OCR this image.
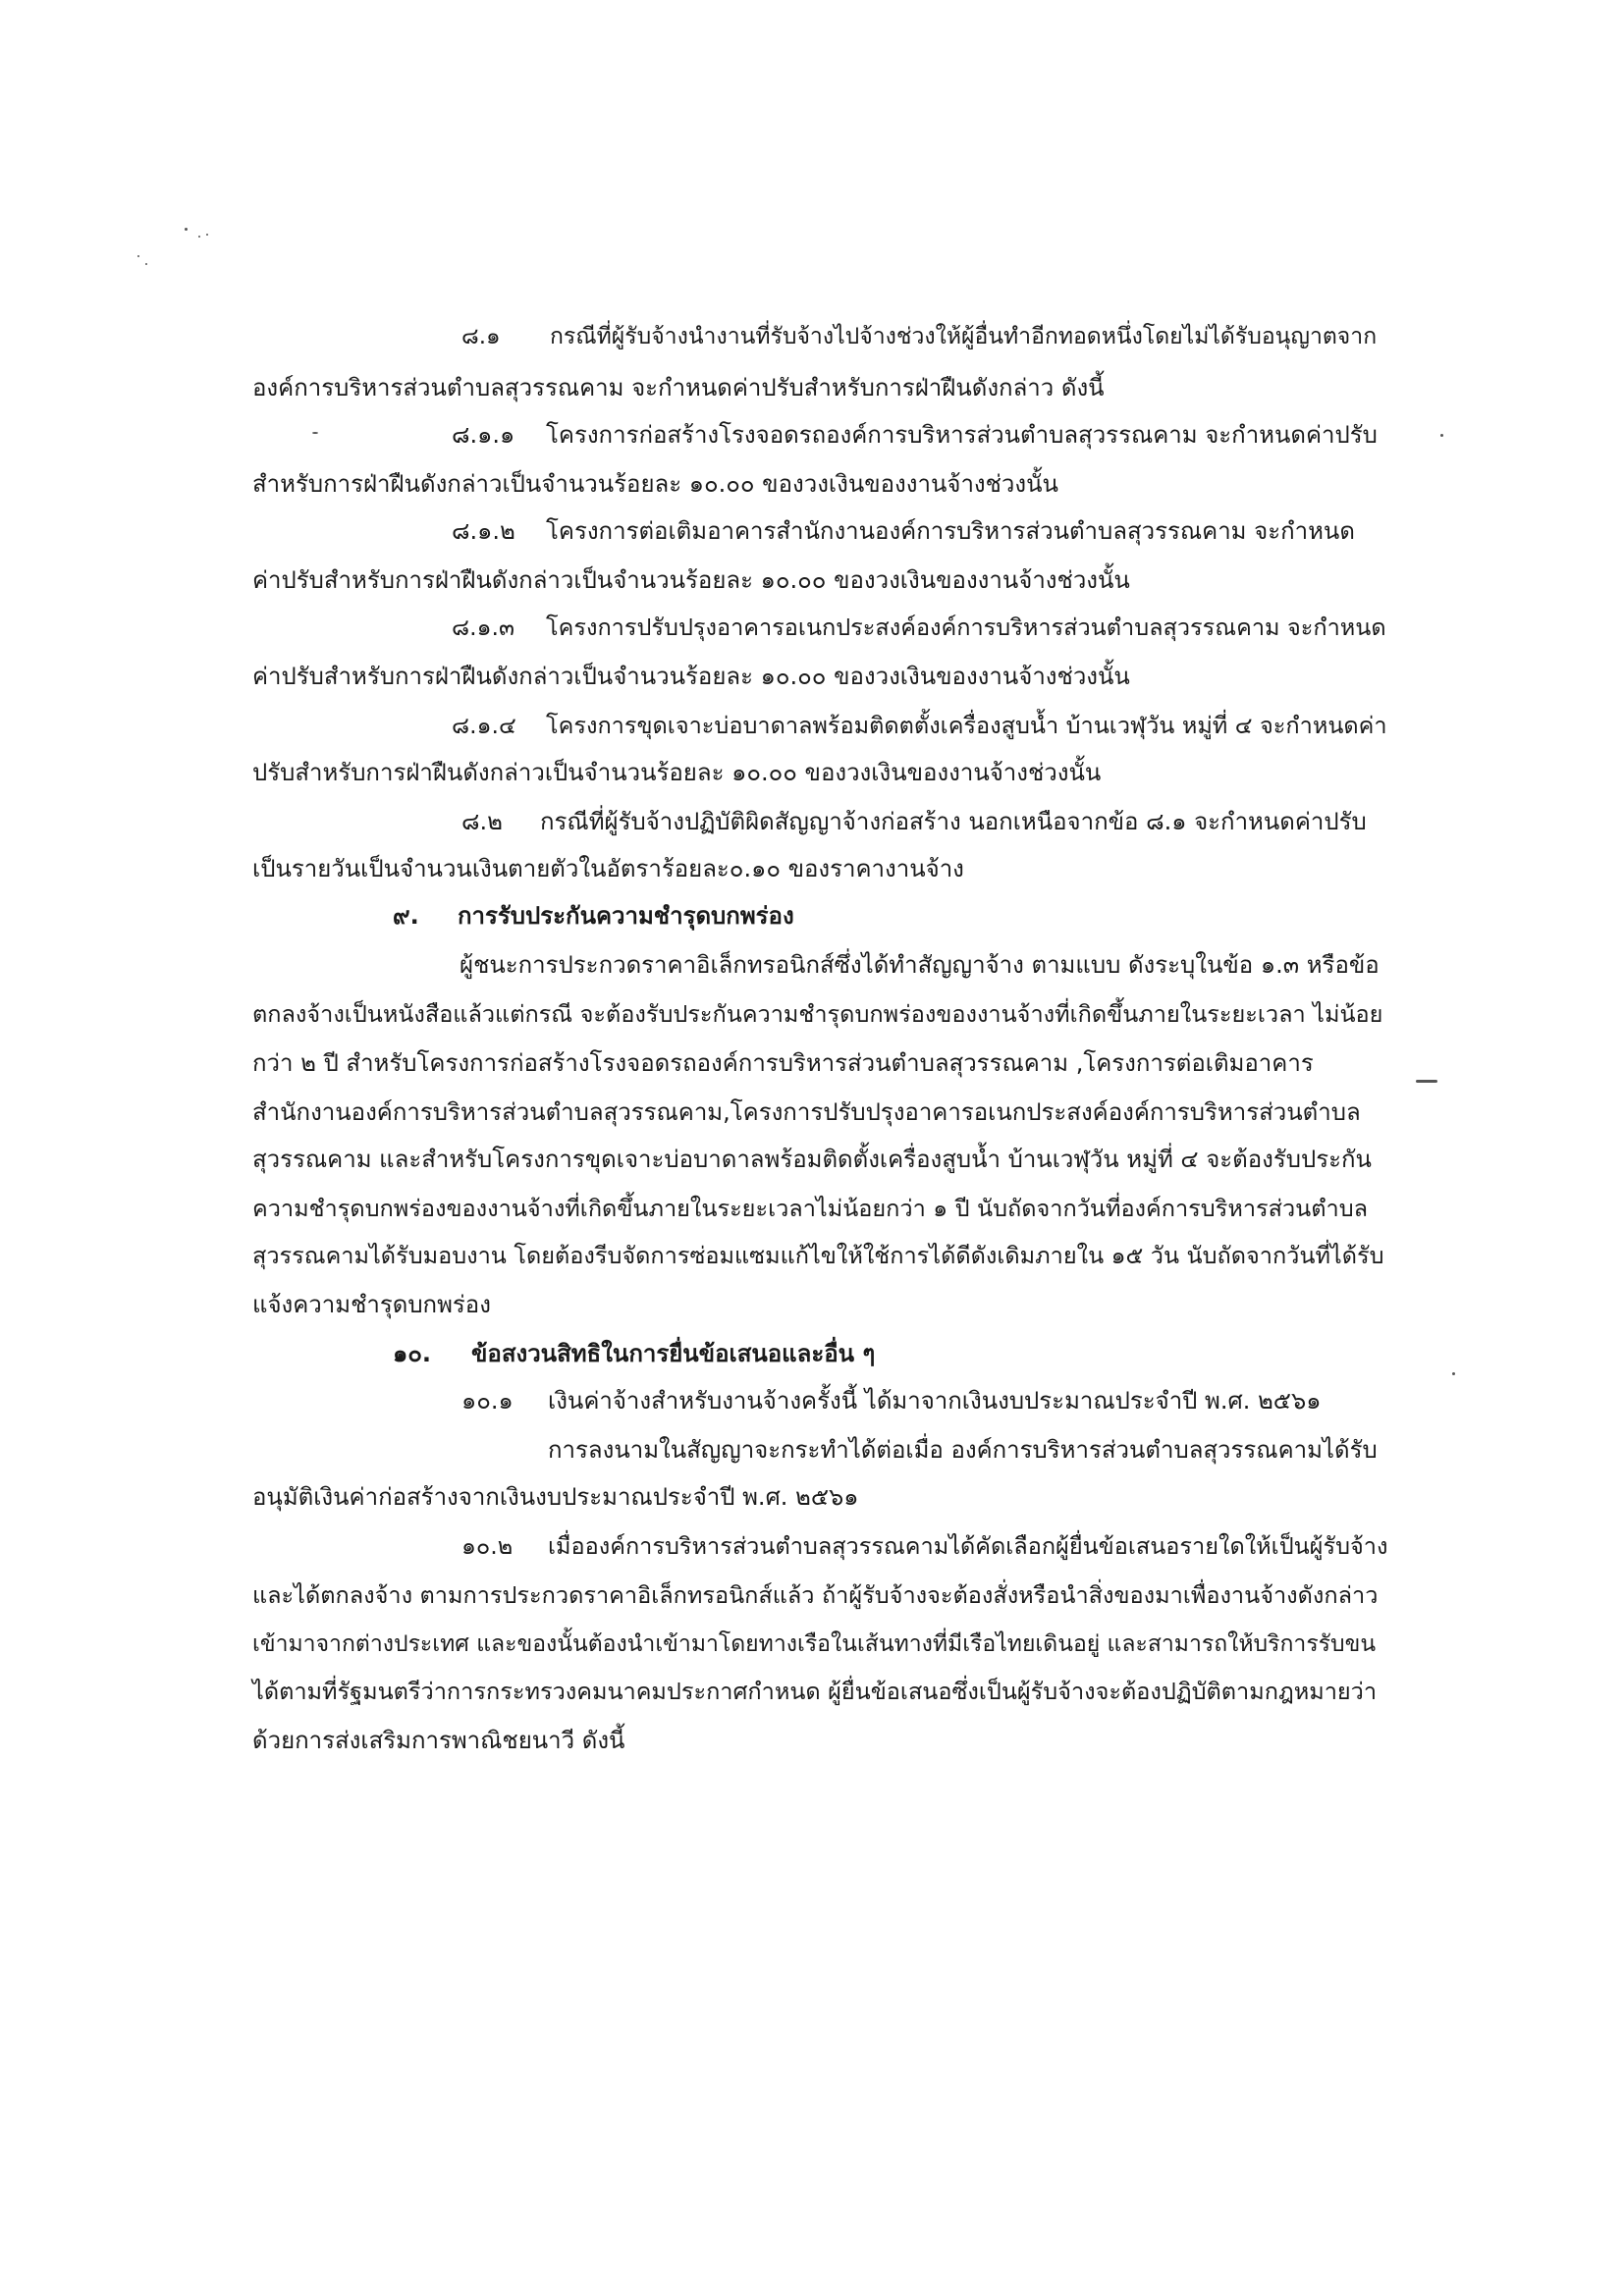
๘.๑ กรณีที่ผู้รับจ้างนำงานที่รับจ้างไปจ้างช่วงให้ผู้อื่นทำอีกทอดหนึ่งโดยไม่ได้รับอนุญาตจาก
องค์การบริหารส่วนตำบลสุวรรณคาม จะกำหนดค่าปรับสำหรับการฝ่าฝืนดังกล่าว ดังนี้
๘.๑.๑ โครงการก่อสร้างโรงจอดรถองค์การบริหารส่วนตำบลสุวรรณคาม จะกำหนดค่าปรับ
สำหรับการฝ่าฝืนดังกล่าวเป็นจำนวนร้อยละ ๑๐.๐๐ ของวงเงินของงานจ้างช่วงนั้น
๘.๑.๒ โครงการต่อเติมอาคารสำนักงานองค์การบริหารส่วนตำบลสุวรรณคาม จะกำหนด
ค่าปรับสำหรับการฝ่าฝืนดังกล่าวเป็นจำนวนร้อยละ ๑๐.๐๐ ของวงเงินของงานจ้างช่วงนั้น
๘.๑.๓ โครงการปรับปรุงอาคารอเนกประสงค์องค์การบริหารส่วนตำบลสุวรรณคาม จะกำหนด
ค่าปรับสำหรับการฝ่าฝืนดังกล่าวเป็นจำนวนร้อยละ ๑๐.๐๐ ของวงเงินของงานจ้างช่วงนั้น
๘.๑.๔ โครงการขุดเจาะบ่อบาดาลพร้อมติดตตั้งเครื่องสูบน้ำ บ้านเวฬุวัน หมู่ที่ ๔ จะกำหนดค่า
ปรับสำหรับการฝ่าฝืนดังกล่าวเป็นจำนวนร้อยละ ๑๐.๐๐ ของวงเงินของงานจ้างช่วงนั้น
๘.๒ กรณีที่ผู้รับจ้างปฏิบัติผิดสัญญาจ้างก่อสร้าง นอกเหนือจากข้อ ๘.๑ จะกำหนดค่าปรับ
เป็นรายวันเป็นจำนวนเงินตายตัวในอัตราร้อยละ๐.๑๐ ของราคางานจ้าง
๙. การรับประกันความชำรุดบกพร่อง
ผู้ชนะการประกวดราคาอิเล็กทรอนิกส์ซึ่งได้ทำสัญญาจ้าง ตามแบบ ดังระบุในข้อ ๑.๓ หรือข้อ
ตกลงจ้างเป็นหนังสือแล้วแต่กรณี จะต้องรับประกันความชำรุดบกพร่องของงานจ้างที่เกิดขึ้นภายในระยะเวลา ไม่น้อย
กว่า ๒ ปี สำหรับโครงการก่อสร้างโรงจอดรถองค์การบริหารส่วนตำบลสุวรรณคาม ,โครงการต่อเติมอาคาร
สำนักงานองค์การบริหารส่วนตำบลสุวรรณคาม,โครงการปรับปรุงอาคารอเนกประสงค์องค์การบริหารส่วนตำบล
สุวรรณคาม และสำหรับโครงการขุดเจาะบ่อบาดาลพร้อมติดตั้งเครื่องสูบน้ำ บ้านเวฬุวัน หมู่ที่ ๔ จะต้องรับประกัน
ความชำรุดบกพร่องของงานจ้างที่เกิดขึ้นภายในระยะเวลาไม่น้อยกว่า ๑ ปี นับถัดจากวันที่องค์การบริหารส่วนตำบล
สุวรรณคามได้รับมอบงาน โดยต้องรีบจัดการซ่อมแซมแก้ไขให้ใช้การได้ดีดังเดิมภายใน ๑๕ วัน นับถัดจากวันที่ได้รับ
แจ้งความชำรุดบกพร่อง
๑๐. ข้อสงวนสิทธิในการยื่นข้อเสนอและอื่น ๆ
๑๐.๑ เงินค่าจ้างสำหรับงานจ้างครั้งนี้ ได้มาจากเงินงบประมาณประจำปี พ.ศ. ๒๕๖๑
การลงนามในสัญญาจะกระทำได้ต่อเมื่อ องค์การบริหารส่วนตำบลสุวรรณคามได้รับ
อนุมัติเงินค่าก่อสร้างจากเงินงบประมาณประจำปี พ.ศ. ๒๕๖๑
๑๐.๒ เมื่อองค์การบริหารส่วนตำบลสุวรรณคามได้คัดเลือกผู้ยื่นข้อเสนอรายใดให้เป็นผู้รับจ้าง
และได้ตกลงจ้าง ตามการประกวดราคาอิเล็กทรอนิกส์แล้ว ถ้าผู้รับจ้างจะต้องสั่งหรือนำสิ่งของมาเพื่องานจ้างดังกล่าว
เข้ามาจากต่างประเทศ และของนั้นต้องนำเข้ามาโดยทางเรือในเส้นทางที่มีเรือไทยเดินอยู่ และสามารถให้บริการรับขน
ได้ตามที่รัฐมนตรีว่าการกระทรวงคมนาคมประกาศกำหนด ผู้ยื่นข้อเสนอซึ่งเป็นผู้รับจ้างจะต้องปฏิบัติตามกฎหมายว่า
ด้วยการส่งเสริมการพาณิชยนาวี ดังนี้
